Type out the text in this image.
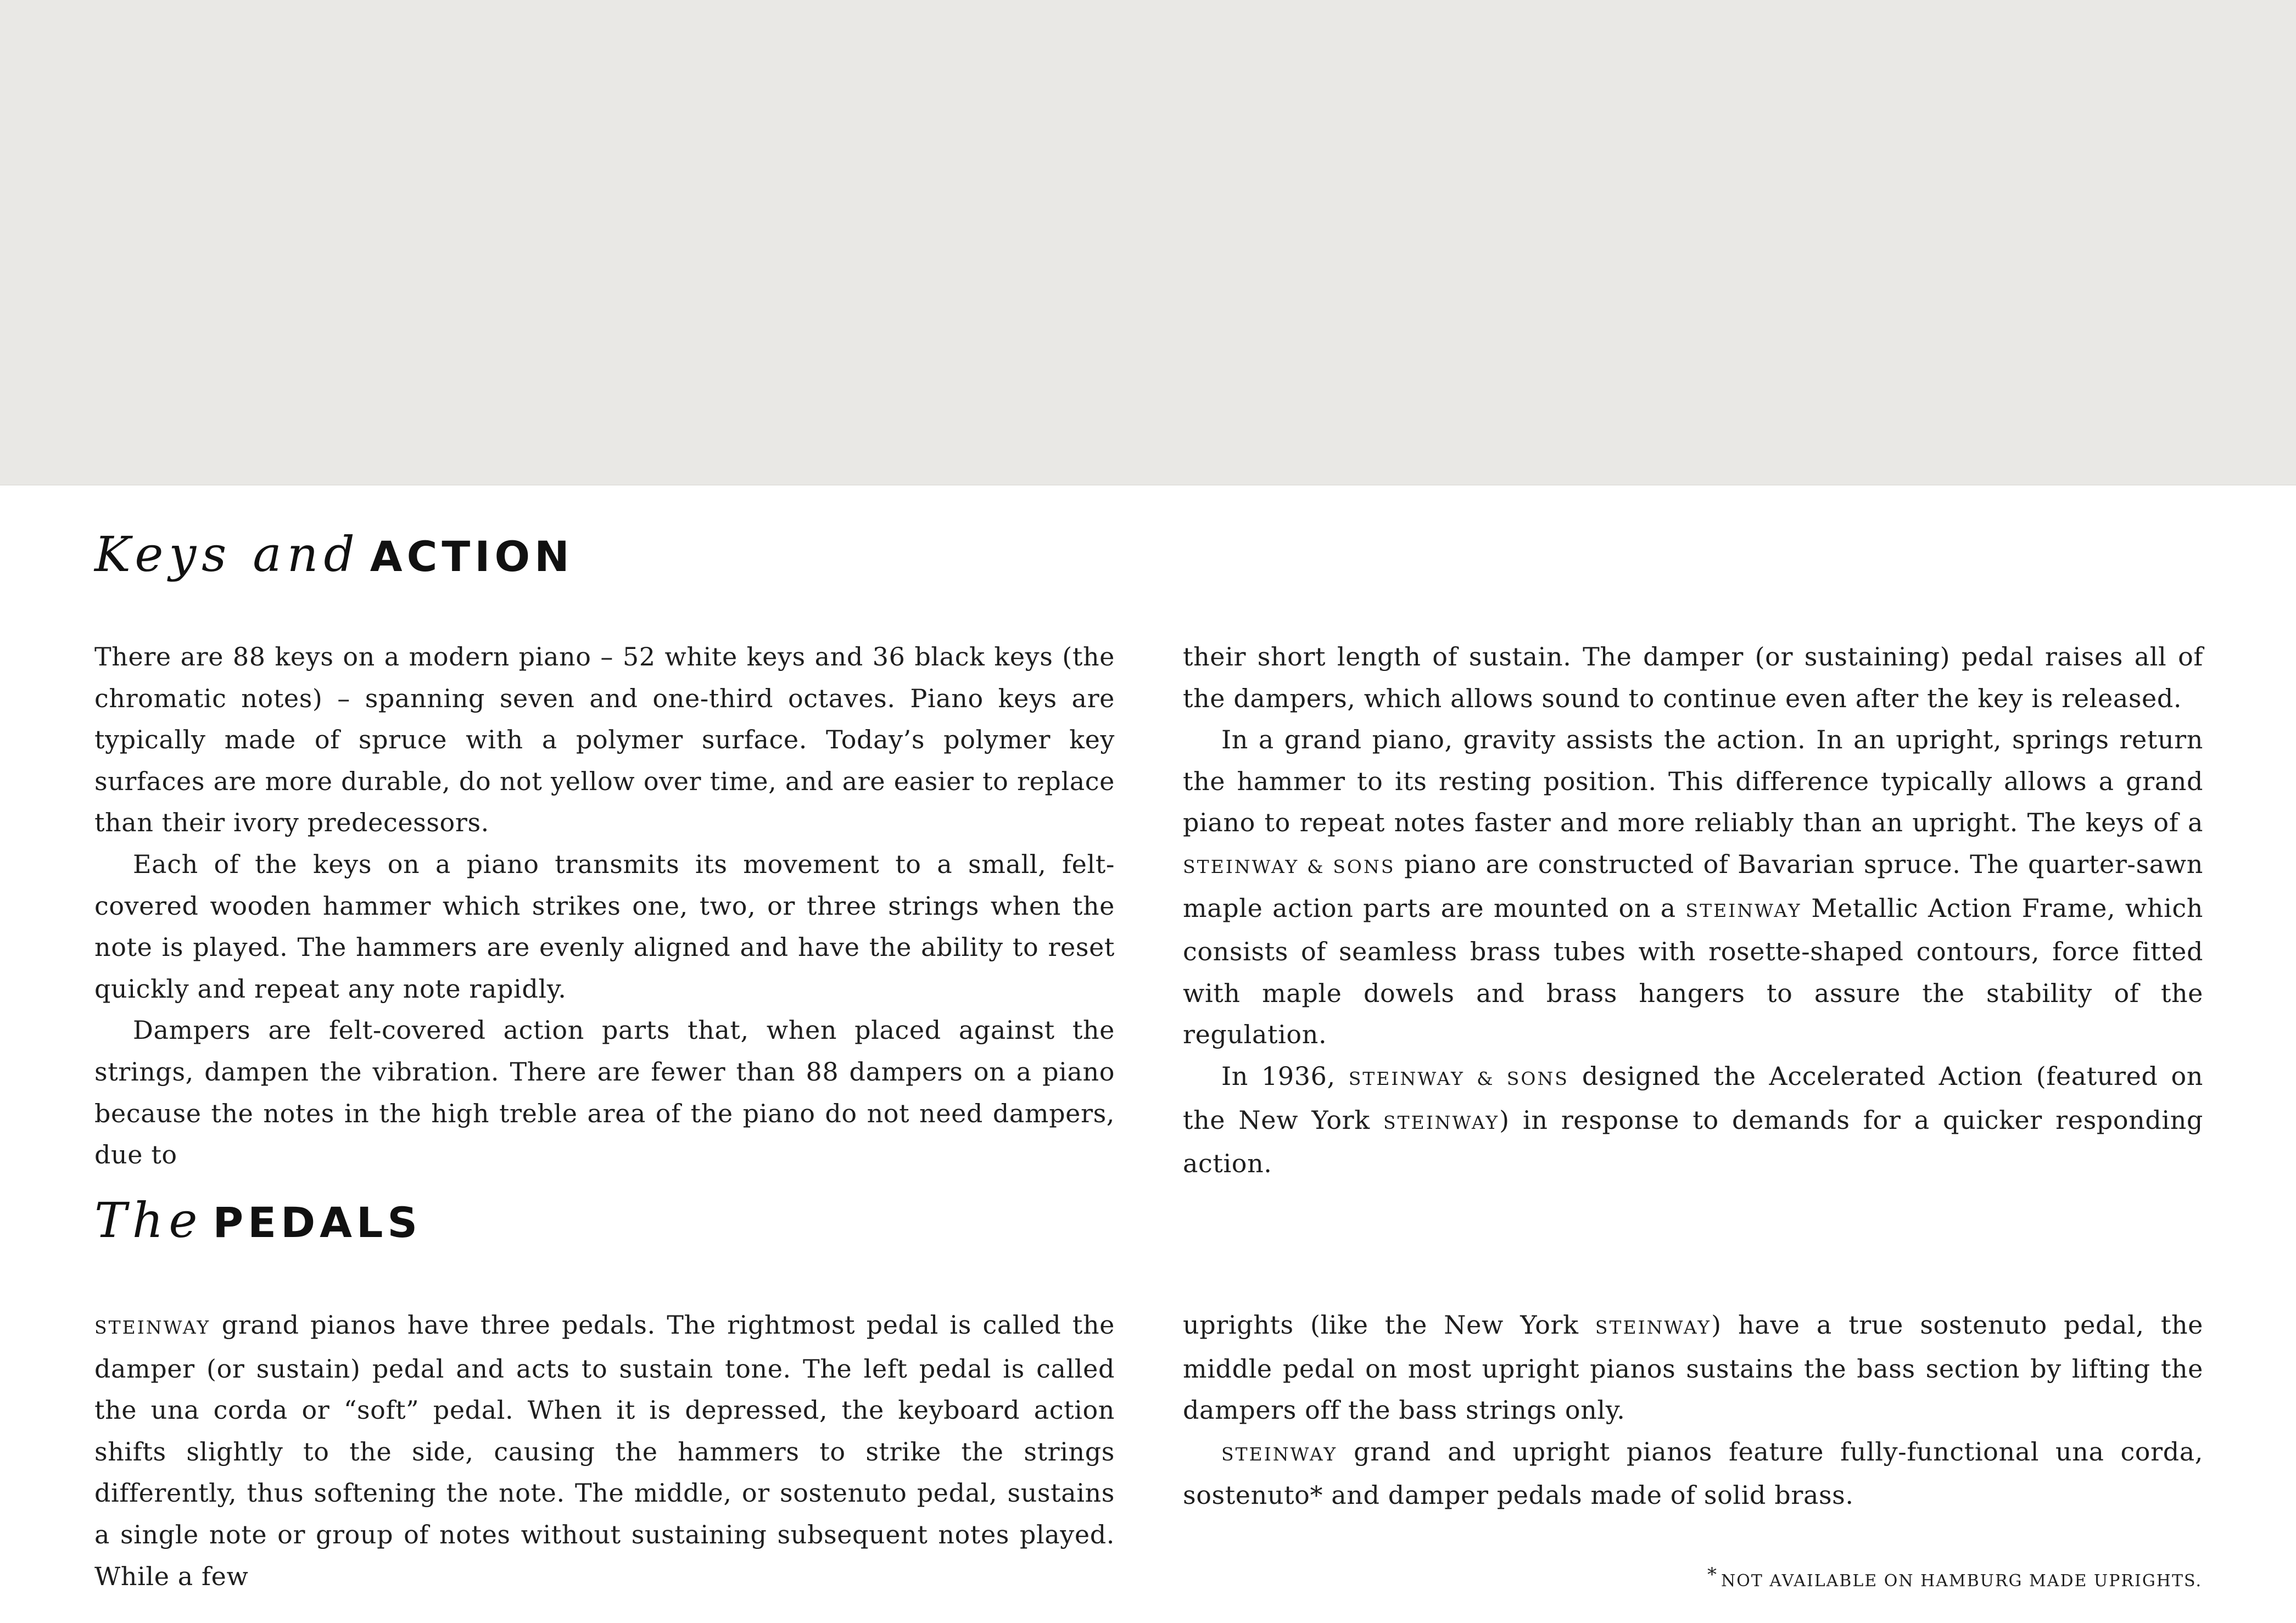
Keys and ACTION

There are 88 keys on a modern piano – 52 white keys and 36 black keys (the chromatic notes) – spanning seven and one-third octaves. Piano keys are typically made of spruce with a polymer surface. Today’s polymer key surfaces are more durable, do not yellow over time, and are easier to replace than their ivory predecessors.

Each of the keys on a piano transmits its movement to a small, felt-covered wooden hammer which strikes one, two, or three strings when the note is played. The hammers are evenly aligned and have the ability to reset quickly and repeat any note rapidly.

Dampers are felt-covered action parts that, when placed against the strings, dampen the vibration. There are fewer than 88 dampers on a piano because the notes in the high treble area of the piano do not need dampers, due to

their short length of sustain. The damper (or sustaining) pedal raises all of the dampers, which allows sound to continue even after the key is released.

In a grand piano, gravity assists the action. In an upright, springs return the hammer to its resting position. This difference typically allows a grand piano to repeat notes faster and more reliably than an upright. The keys of a STEINWAY & SONS piano are constructed of Bavarian spruce. The quarter-sawn maple action parts are mounted on a STEINWAY Metallic Action Frame, which consists of seamless brass tubes with rosette-shaped contours, force fitted with maple dowels and brass hangers to assure the stability of the regulation.

In 1936, STEINWAY & SONS designed the Accelerated Action (featured on the New York STEINWAY) in response to demands for a quicker responding action.

The PEDALS

STEINWAY grand pianos have three pedals. The rightmost pedal is called the damper (or sustain) pedal and acts to sustain tone. The left pedal is called the una corda or “soft” pedal. When it is depressed, the keyboard action shifts slightly to the side, causing the hammers to strike the strings differently, thus softening the note. The middle, or sostenuto pedal, sustains a single note or group of notes without sustaining subsequent notes played. While a few

uprights (like the New York STEINWAY) have a true sostenuto pedal, the middle pedal on most upright pianos sustains the bass section by lifting the dampers off the bass strings only.

STEINWAY grand and upright pianos feature fully-functional una corda, sostenuto* and damper pedals made of solid brass.

* NOT AVAILABLE ON HAMBURG MADE UPRIGHTS.
